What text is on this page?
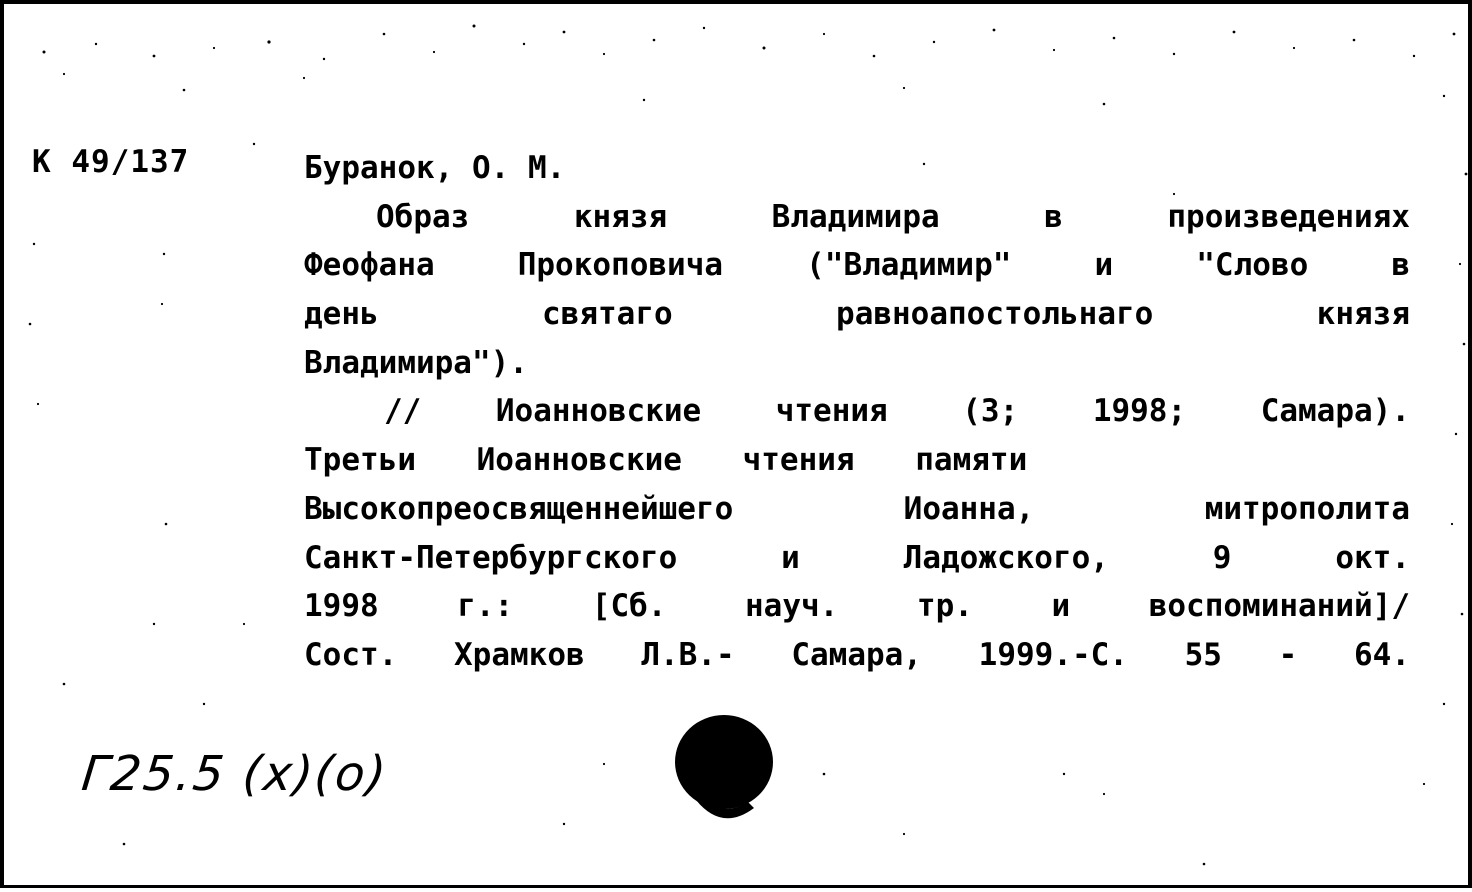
К 49/137	Буранок, О. М.
Образ князя Владимира в произведениях
Феофана Прокоповича ("Владимир" и "Слово в
день святаго равноапостольнаго князя
Владимира").
// Иоанновские чтения (3; 1998; Самара).
Третьи Иоанновские чтения памяти
Высокопреосвященнейшего Иоанна, митрополита
Санкт-Петербургского и Ладожского, 9 окт.
1998 г.: [Сб. науч. тр. и воспоминаний]/
Сост. Храмков Л.В.- Самара, 1999.-С. 55 - 64.
Г25.5 (х)(о)
